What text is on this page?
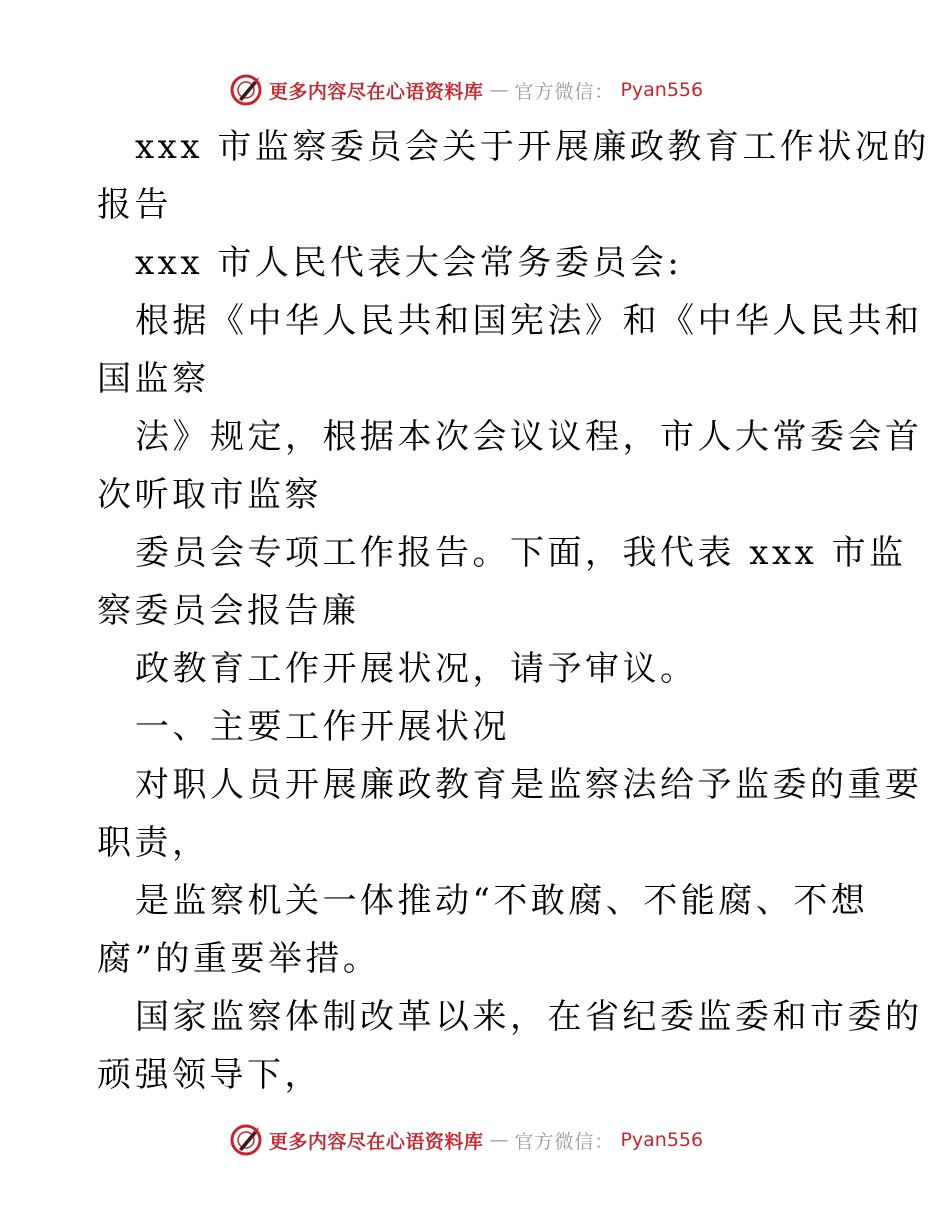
更多内容尽在心语资料库 — 官方微信： Pyan556
xxx 市监察委员会关于开展廉政教育工作状况的
报告
xxx 市人民代表大会常务委员会:
根据《中华人民共和国宪法》和《中华人民共和
国监察
法》规定，根据本次会议议程，市人大常委会首
次听取市监察
委员会专项工作报告。下面，我代表 xxx 市监
察委员会报告廉
政教育工作开展状况，请予审议。
一、主要工作开展状况
对职人员开展廉政教育是监察法给予监委的重要
职责，
是监察机关一体推动“不敢腐、不能腐、不想
腐”的重要举措。
国家监察体制改革以来，在省纪委监委和市委的
顽强领导下，
更多内容尽在心语资料库 — 官方微信： Pyan556
